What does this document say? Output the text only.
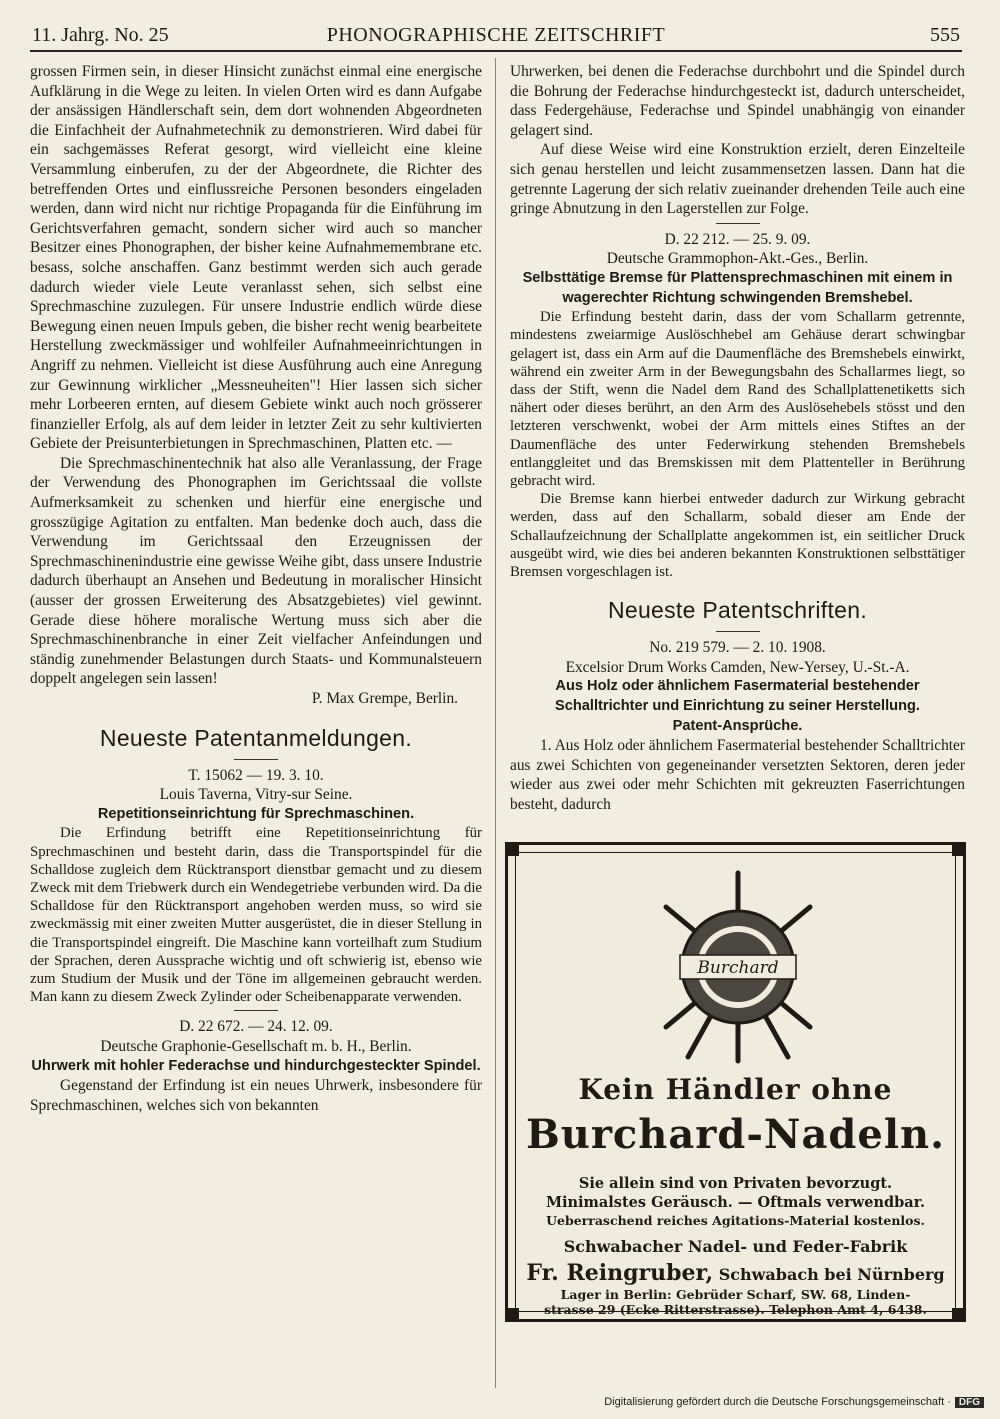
11. Jahrg. No. 25	PHONOGRAPHISCHE ZEITSCHRIFT	555

grossen Firmen sein, in dieser Hinsicht zunächst einmal eine energische Aufklärung in die Wege zu leiten. In vielen Orten wird es dann Aufgabe der ansässigen Händlerschaft sein, dem dort wohnenden Abgeordneten die Einfachheit der Aufnahmetechnik zu demonstrieren. Wird dabei für ein sachgemässes Referat gesorgt, wird vielleicht eine kleine Versammlung einberufen, zu der der Abgeordnete, die Richter des betreffenden Ortes und einflussreiche Personen besonders eingeladen werden, dann wird nicht nur richtige Propaganda für die Einführung im Gerichtsverfahren gemacht, sondern sicher wird auch so mancher Besitzer eines Phonographen, der bisher keine Aufnahmemembrane etc. besass, solche anschaffen. Ganz bestimmt werden sich auch gerade dadurch wieder viele Leute veranlasst sehen, sich selbst eine Sprechmaschine zuzulegen. Für unsere Industrie endlich würde diese Bewegung einen neuen Impuls geben, die bisher recht wenig bearbeitete Herstellung zweckmässiger und wohlfeiler Aufnahmeeinrichtungen in Angriff zu nehmen. Vielleicht ist diese Ausführung auch eine Anregung zur Gewinnung wirklicher „Messneuheiten"! Hier lassen sich sicher mehr Lorbeeren ernten, auf diesem Gebiete winkt auch noch grösserer finanzieller Erfolg, als auf dem leider in letzter Zeit zu sehr kultivierten Gebiete der Preisunterbietungen in Sprechmaschinen, Platten etc. —

Die Sprechmaschinentechnik hat also alle Veranlassung, der Frage der Verwendung des Phonographen im Gerichtssaal die vollste Aufmerksamkeit zu schenken und hierfür eine energische und grosszügige Agitation zu entfalten. Man bedenke doch auch, dass die Verwendung im Gerichtssaal den Erzeugnissen der Sprechmaschinenindustrie eine gewisse Weihe gibt, dass unsere Industrie dadurch überhaupt an Ansehen und Bedeutung in moralischer Hinsicht (ausser der grossen Erweiterung des Absatzgebietes) viel gewinnt. Gerade diese höhere moralische Wertung muss sich aber die Sprechmaschinenbranche in einer Zeit vielfacher Anfeindungen und ständig zunehmender Belastungen durch Staats- und Kommunalsteuern doppelt angelegen sein lassen!

P. Max Grempe, Berlin.

Neueste Patentanmeldungen.

T. 15062 — 19. 3. 10.

Louis Taverna, Vitry-sur Seine.

Repetitionseinrichtung für Sprechmaschinen.

Die Erfindung betrifft eine Repetitionseinrichtung für Sprechmaschinen und besteht darin, dass die Transportspindel für die Schalldose zugleich dem Rücktransport dienstbar gemacht und zu diesem Zweck mit dem Triebwerk durch ein Wendegetriebe verbunden wird. Da die Schalldose für den Rücktransport angehoben werden muss, so wird sie zweckmässig mit einer zweiten Mutter ausgerüstet, die in dieser Stellung in die Transportspindel eingreift. Die Maschine kann vorteilhaft zum Studium der Sprachen, deren Aussprache wichtig und oft schwierig ist, ebenso wie zum Studium der Musik und der Töne im allgemeinen gebraucht werden. Man kann zu diesem Zweck Zylinder oder Scheibenapparate verwenden.

D. 22 672. — 24. 12. 09.

Deutsche Graphonie-Gesellschaft m. b. H., Berlin.

Uhrwerk mit hohler Federachse und hindurchgesteckter Spindel.

Gegenstand der Erfindung ist ein neues Uhrwerk, insbesondere für Sprechmaschinen, welches sich von bekannten

Uhrwerken, bei denen die Federachse durchbohrt und die Spindel durch die Bohrung der Federachse hindurchgesteckt ist, dadurch unterscheidet, dass Federgehäuse, Federachse und Spindel unabhängig von einander gelagert sind.

Auf diese Weise wird eine Konstruktion erzielt, deren Einzelteile sich genau herstellen und leicht zusammensetzen lassen. Dann hat die getrennte Lagerung der sich relativ zueinander drehenden Teile auch eine gringe Abnutzung in den Lagerstellen zur Folge.

D. 22 212. — 25. 9. 09.

Deutsche Grammophon-Akt.-Ges., Berlin.

Selbsttätige Bremse für Plattensprechmaschinen mit einem in wagerechter Richtung schwingenden Bremshebel.

Die Erfindung besteht darin, dass der vom Schallarm getrennte, mindestens zweiarmige Auslöschhebel am Gehäuse derart schwingbar gelagert ist, dass ein Arm auf die Daumenfläche des Bremshebels einwirkt, während ein zweiter Arm in der Bewegungsbahn des Schallarmes liegt, so dass der Stift, wenn die Nadel dem Rand des Schallplattenetiketts sich nähert oder dieses berührt, an den Arm des Auslösehebels stösst und den letzteren verschwenkt, wobei der Arm mittels eines Stiftes an der Daumenfläche des unter Federwirkung stehenden Bremshebels entlanggleitet und das Bremskissen mit dem Plattenteller in Berührung gebracht wird.

Die Bremse kann hierbei entweder dadurch zur Wirkung gebracht werden, dass auf den Schallarm, sobald dieser am Ende der Schallaufzeichnung der Schallplatte angekommen ist, ein seitlicher Druck ausgeübt wird, wie dies bei anderen bekannten Konstruktionen selbsttätiger Bremsen vorgeschlagen ist.

Neueste Patentschriften.

No. 219 579. — 2. 10. 1908.

Excelsior Drum Works Camden, New-Yersey, U.-St.-A.

Aus Holz oder ähnlichem Fasermaterial bestehender Schalltrichter und Einrichtung zu seiner Herstellung.

Patent-Ansprüche.

1. Aus Holz oder ähnlichem Fasermaterial bestehender Schalltrichter aus zwei Schichten von gegeneinander versetzten Sektoren, deren jeder wieder aus zwei oder mehr Schichten mit gekreuzten Faserrichtungen besteht, dadurch

Burchard
Kein Händler ohne
Burchard-Nadeln.
Sie allein sind von Privaten bevorzugt.
Minimalstes Geräusch. — Oftmals verwendbar.
Ueberraschend reiches Agitations-Material kostenlos.
Schwabacher Nadel- und Feder-Fabrik
Fr. Reingruber, Schwabach bei Nürnberg
Lager in Berlin: Gebrüder Scharf, SW. 68, Linden-
strasse 29 (Ecke Ritterstrasse). Telephon Amt 4, 6438.
Digitalisierung gefördert durch die Deutsche Forschungsgemeinschaft · DFG
